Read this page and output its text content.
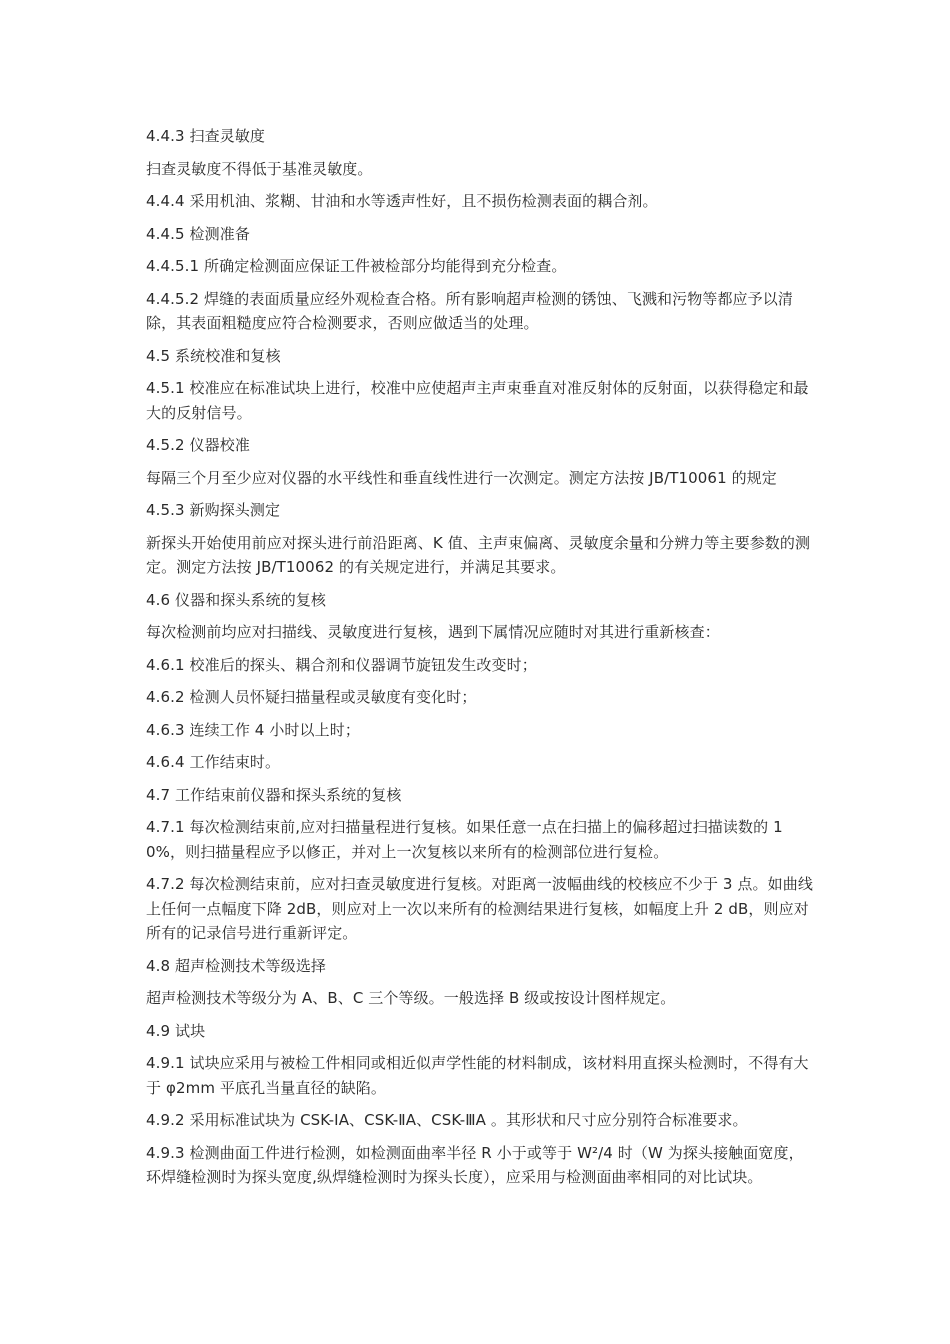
4.4.3 扫查灵敏度

扫查灵敏度不得低于基准灵敏度。

4.4.4 采用机油、浆糊、甘油和水等透声性好，且不损伤检测表面的耦合剂。

4.4.5 检测准备

4.4.5.1 所确定检测面应保证工件被检部分均能得到充分检查。

4.4.5.2 焊缝的表面质量应经外观检查合格。所有影响超声检测的锈蚀、飞溅和污物等都应予以清除，其表面粗糙度应符合检测要求，否则应做适当的处理。

4.5 系统校准和复核

4.5.1 校准应在标准试块上进行，校准中应使超声主声束垂直对准反射体的反射面，以获得稳定和最大的反射信号。

4.5.2 仪器校准

每隔三个月至少应对仪器的水平线性和垂直线性进行一次测定。测定方法按 JB/T10061 的规定

4.5.3 新购探头测定

新探头开始使用前应对探头进行前沿距离、K 值、主声束偏离、灵敏度余量和分辨力等主要参数的测定。测定方法按 JB/T10062 的有关规定进行，并满足其要求。

4.6 仪器和探头系统的复核

每次检测前均应对扫描线、灵敏度进行复核，遇到下属情况应随时对其进行重新核查：

4.6.1 校准后的探头、耦合剂和仪器调节旋钮发生改变时；

4.6.2 检测人员怀疑扫描量程或灵敏度有变化时；

4.6.3 连续工作 4 小时以上时；

4.6.4 工作结束时。

4.7 工作结束前仪器和探头系统的复核

4.7.1 每次检测结束前,应对扫描量程进行复核。如果任意一点在扫描上的偏移超过扫描读数的 10%，则扫描量程应予以修正，并对上一次复核以来所有的检测部位进行复检。

4.7.2 每次检测结束前，应对扫查灵敏度进行复核。对距离一波幅曲线的校核应不少于 3 点。如曲线上任何一点幅度下降 2dB，则应对上一次以来所有的检测结果进行复核，如幅度上升 2 dB，则应对所有的记录信号进行重新评定。

4.8 超声检测技术等级选择

超声检测技术等级分为 A、B、C 三个等级。一般选择 B 级或按设计图样规定。

4.9 试块

4.9.1 试块应采用与被检工件相同或相近似声学性能的材料制成，该材料用直探头检测时，不得有大于 φ2mm 平底孔当量直径的缺陷。

4.9.2 采用标准试块为 CSK-ⅠA、CSK-ⅡA、CSK-ⅢA 。其形状和尺寸应分别符合标准要求。

4.9.3 检测曲面工件进行检测，如检测面曲率半径 R 小于或等于 W²/4 时（W 为探头接触面宽度，环焊缝检测时为探头宽度,纵焊缝检测时为探头长度），应采用与检测面曲率相同的对比试块。
